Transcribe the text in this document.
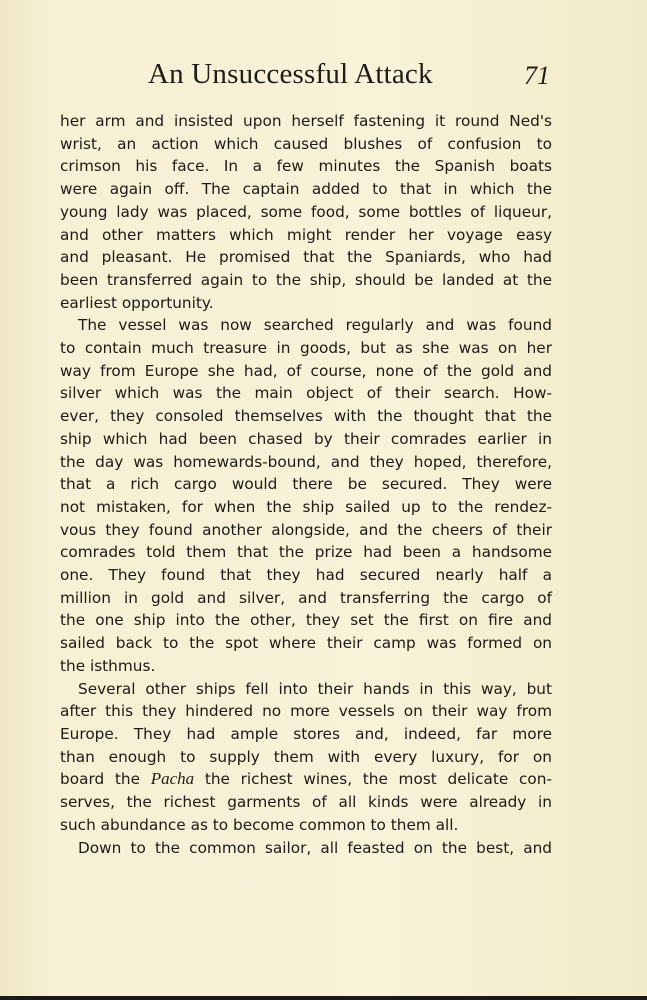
An Unsuccessful Attack	71
her arm and insisted upon herself fastening it round Ned's
wrist, an action which caused blushes of confusion to
crimson his face. In a few minutes the Spanish boats
were again off. The captain added to that in which the
young lady was placed, some food, some bottles of liqueur,
and other matters which might render her voyage easy
and pleasant. He promised that the Spaniards, who had
been transferred again to the ship, should be landed at the
earliest opportunity.
The vessel was now searched regularly and was found
to contain much treasure in goods, but as she was on her
way from Europe she had, of course, none of the gold and
silver which was the main object of their search. How-
ever, they consoled themselves with the thought that the
ship which had been chased by their comrades earlier in
the day was homewards-bound, and they hoped, therefore,
that a rich cargo would there be secured. They were
not mistaken, for when the ship sailed up to the rendez-
vous they found another alongside, and the cheers of their
comrades told them that the prize had been a handsome
one. They found that they had secured nearly half a
million in gold and silver, and transferring the cargo of
the one ship into the other, they set the first on fire and
sailed back to the spot where their camp was formed on
the isthmus.
Several other ships fell into their hands in this way, but
after this they hindered no more vessels on their way from
Europe. They had ample stores and, indeed, far more
than enough to supply them with every luxury, for on
board the Pacha the richest wines, the most delicate con-
serves, the richest garments of all kinds were already in
such abundance as to become common to them all.
Down to the common sailor, all feasted on the best, and
